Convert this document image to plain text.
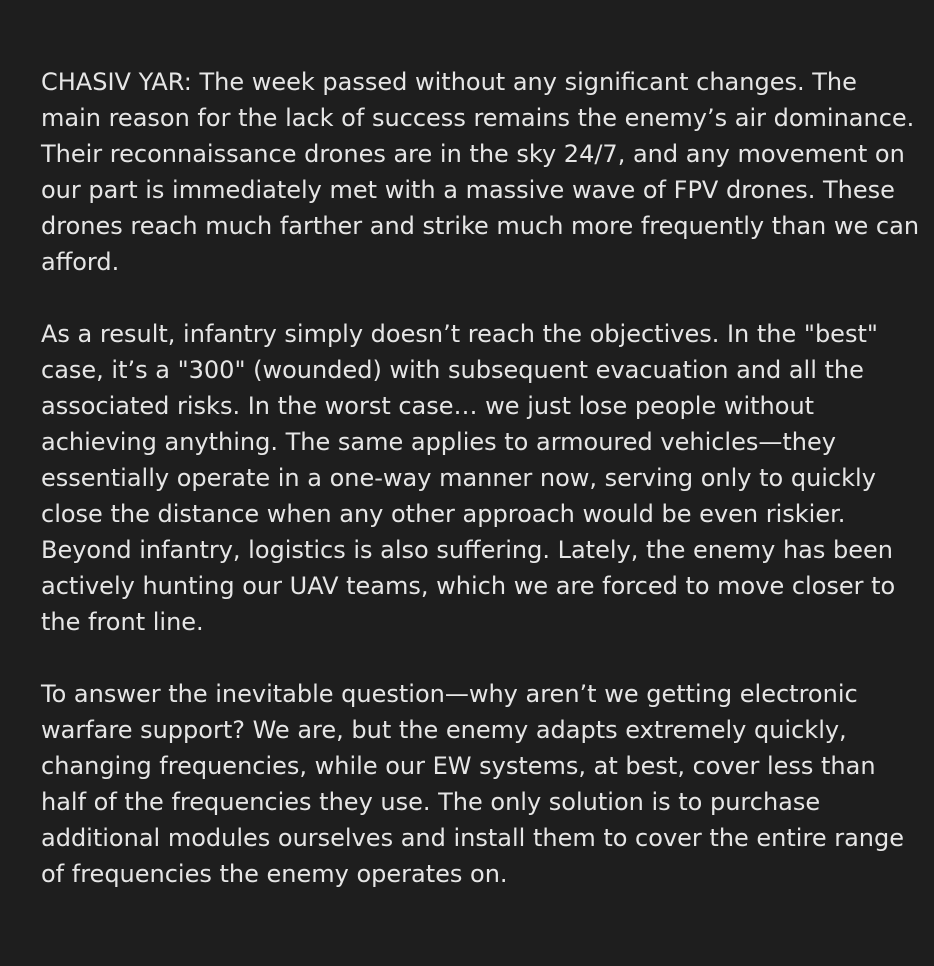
CHASIV YAR: The week passed without any significant changes. The main reason for the lack of success remains the enemy’s air dominance. Their reconnaissance drones are in the sky 24/7, and any movement on our part is immediately met with a massive wave of FPV drones. These drones reach much farther and strike much more frequently than we can afford.

As a result, infantry simply doesn’t reach the objectives. In the "best" case, it’s a "300" (wounded) with subsequent evacuation and all the associated risks. In the worst case… we just lose people without achieving anything. The same applies to armoured vehicles—they essentially operate in a one-way manner now, serving only to quickly close the distance when any other approach would be even riskier.

Beyond infantry, logistics is also suffering. Lately, the enemy has been actively hunting our UAV teams, which we are forced to move closer to the front line.

To answer the inevitable question—why aren’t we getting electronic warfare support? We are, but the enemy adapts extremely quickly, changing frequencies, while our EW systems, at best, cover less than half of the frequencies they use. The only solution is to purchase additional modules ourselves and install them to cover the entire range of frequencies the enemy operates on.
